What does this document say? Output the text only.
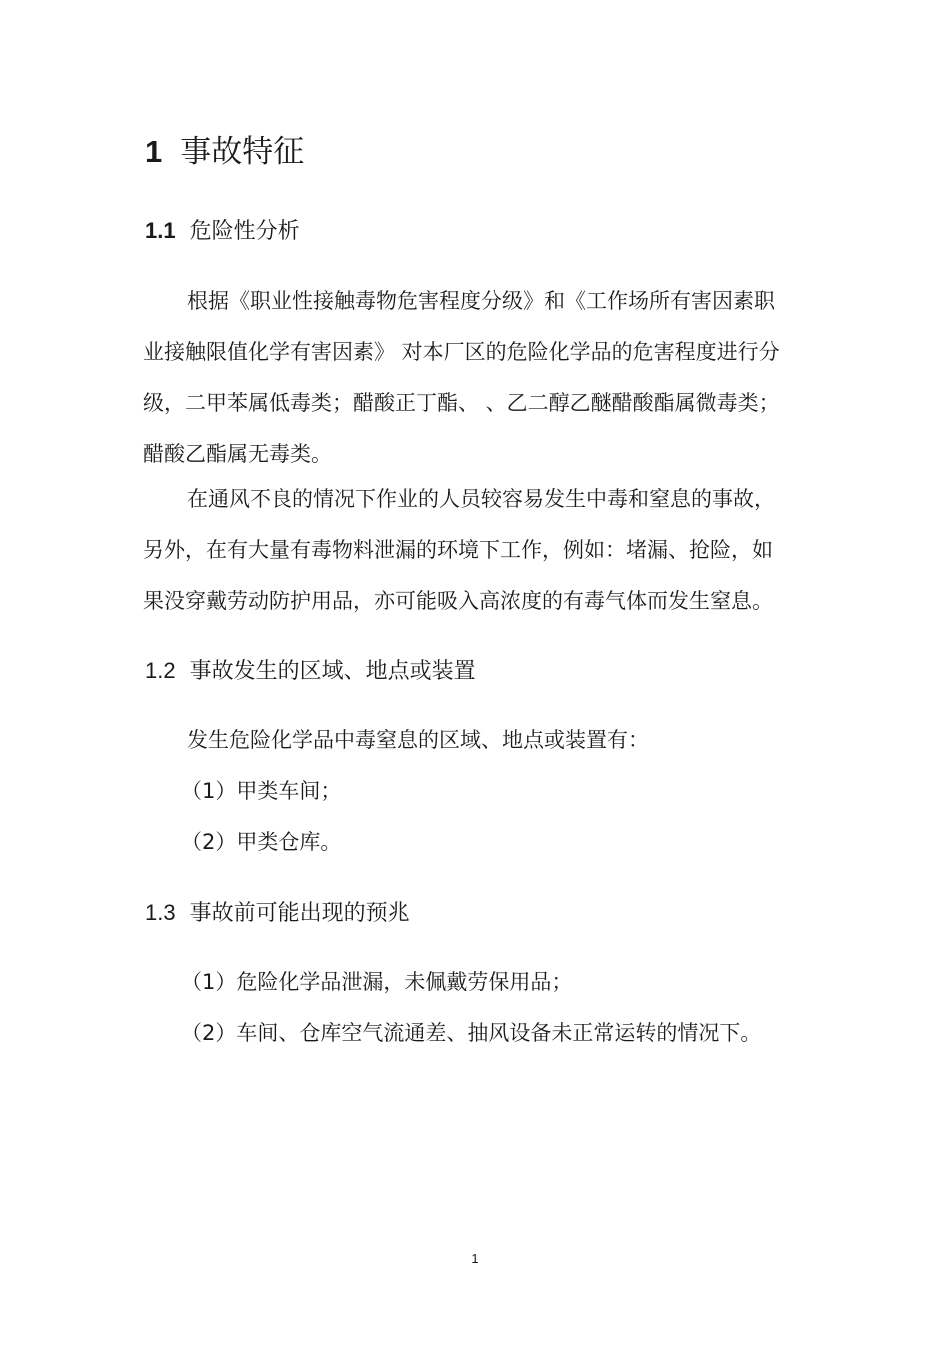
1 事故特征
1.1 危险性分析
根据《职业性接触毒物危害程度分级》和《工作场所有害因素职
业接触限值化学有害因素》 对本厂区的危险化学品的危害程度进行分
级，二甲苯属低毒类；醋酸正丁酯、 、乙二醇乙醚醋酸酯属微毒类；
醋酸乙酯属无毒类。
在通风不良的情况下作业的人员较容易发生中毒和窒息的事故，
另外，在有大量有毒物料泄漏的环境下工作，例如：堵漏、抢险，如
果没穿戴劳动防护用品，亦可能吸入高浓度的有毒气体而发生窒息。
1.2 事故发生的区域、地点或装置
发生危险化学品中毒窒息的区域、地点或装置有：
（1）甲类车间；
（2）甲类仓库。
1.3 事故前可能出现的预兆
（1）危险化学品泄漏，未佩戴劳保用品；
（2）车间、仓库空气流通差、抽风设备未正常运转的情况下。
1
